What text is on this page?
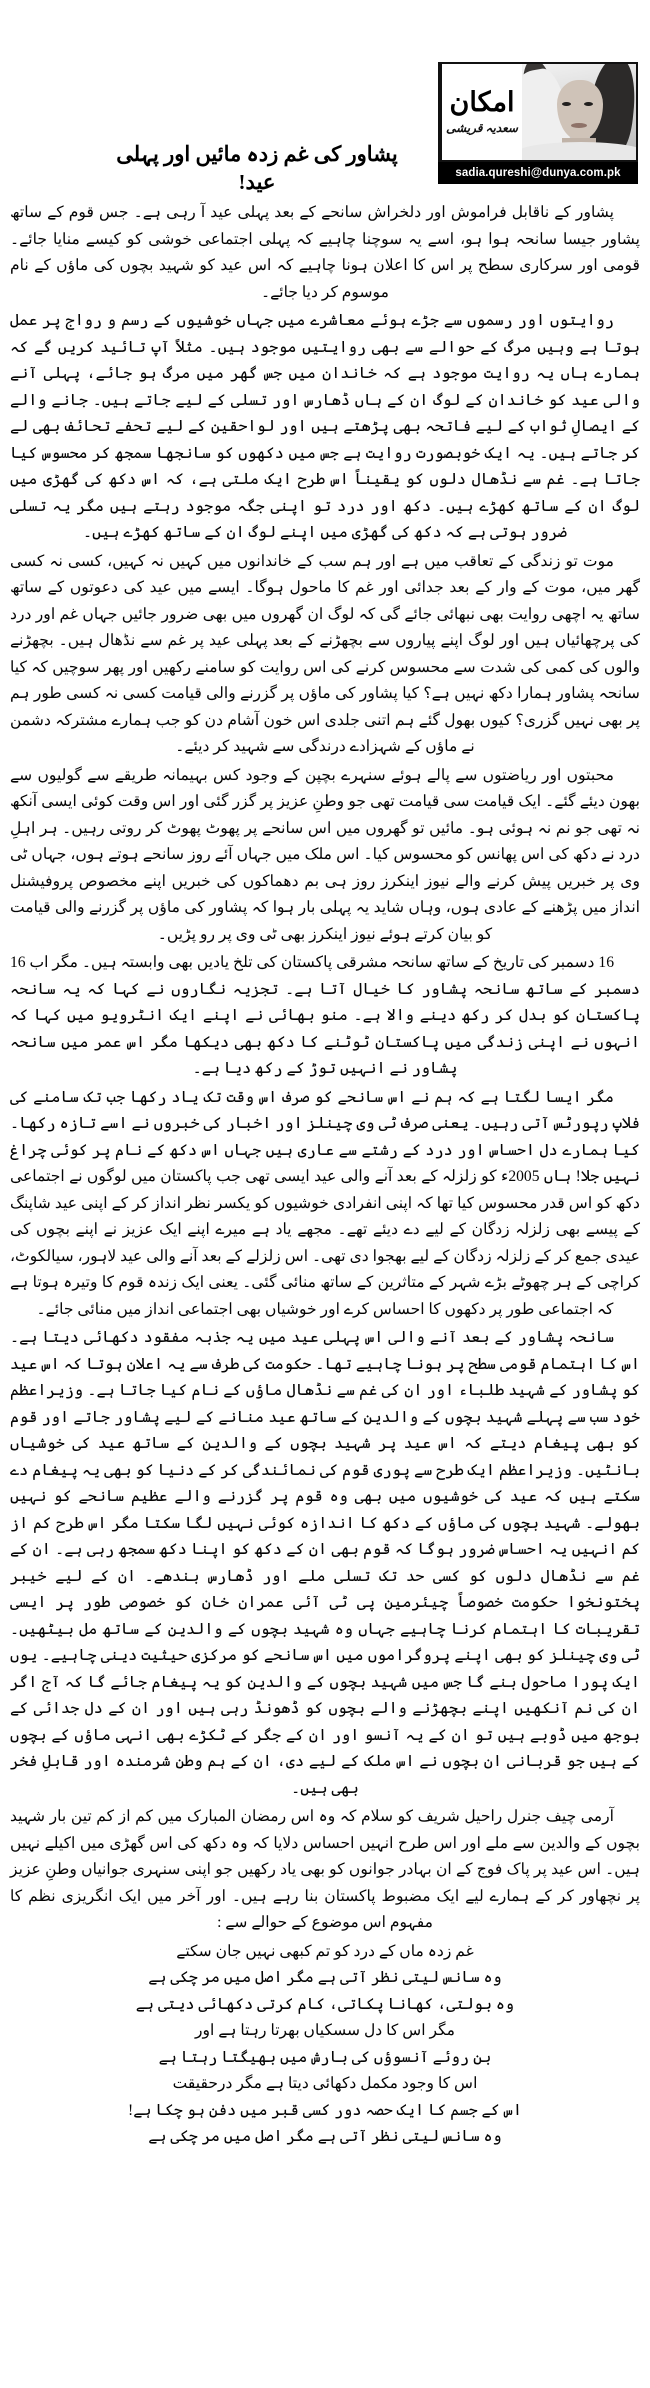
امکان
سعدیہ قریشی
sadia.qureshi@dunya.com.pk
پشاور کی غم زدہ مائیں اور پہلی عید!

پشاور کے ناقابل فراموش اور دلخراش سانحے کے بعد پہلی عید آ رہی ہے۔ جس قوم کے ساتھ پشاور جیسا سانحہ ہوا ہو، اسے یہ سوچنا چاہیے کہ پہلی اجتماعی خوشی کو کیسے منایا جائے۔ قومی اور سرکاری سطح پر اس کا اعلان ہونا چاہیے کہ اس عید کو شہید بچوں کی ماؤں کے نام موسوم کر دیا جائے۔

روایتوں اور رسموں سے جڑے ہوئے معاشرے میں جہاں خوشیوں کے رسم و رواج پر عمل ہوتا ہے وہیں مرگ کے حوالے سے بھی روایتیں موجود ہیں۔ مثلاً آپ تائید کریں گے کہ ہمارے ہاں یہ روایت موجود ہے کہ خاندان میں جس گھر میں مرگ ہو جائے، پہلی آنے والی عید کو خاندان کے لوگ ان کے ہاں ڈھارس اور تسلی کے لیے جاتے ہیں۔ جانے والے کے ایصالِ ثواب کے لیے فاتحہ بھی پڑھتے ہیں اور لواحقین کے لیے تحفے تحائف بھی لے کر جاتے ہیں۔ یہ ایک خوبصورت روایت ہے جس میں دکھوں کو سانجھا سمجھ کر محسوس کیا جاتا ہے۔ غم سے نڈھال دلوں کو یقیناً اس طرح ایک ملتی ہے، کہ اس دکھ کی گھڑی میں لوگ ان کے ساتھ کھڑے ہیں۔ دکھ اور درد تو اپنی جگہ موجود رہتے ہیں مگر یہ تسلی ضرور ہوتی ہے کہ دکھ کی گھڑی میں اپنے لوگ ان کے ساتھ کھڑے ہیں۔

موت تو زندگی کے تعاقب میں ہے اور ہم سب کے خاندانوں میں کہیں نہ کہیں، کسی نہ کسی گھر میں، موت کے وار کے بعد جدائی اور غم کا ماحول ہوگا۔ ایسے میں عید کی دعوتوں کے ساتھ ساتھ یہ اچھی روایت بھی نبھائی جائے گی کہ لوگ ان گھروں میں بھی ضرور جائیں جہاں غم اور درد کی پرچھائیاں ہیں اور لوگ اپنے پیاروں سے بچھڑنے کے بعد پہلی عید پر غم سے نڈھال ہیں۔ بچھڑنے والوں کی کمی کی شدت سے محسوس کرنے کی اس روایت کو سامنے رکھیں اور پھر سوچیں کہ کیا سانحہ پشاور ہمارا دکھ نہیں ہے؟ کیا پشاور کی ماؤں پر گزرنے والی قیامت کسی نہ کسی طور ہم پر بھی نہیں گزری؟ کیوں بھول گئے ہم اتنی جلدی اس خون آشام دن کو جب ہمارے مشترکہ دشمن نے ماؤں کے شہزادے درندگی سے شہید کر دیئے۔

محبتوں اور ریاضتوں سے پالے ہوئے سنہرے بچپن کے وجود کس بہیمانہ طریقے سے گولیوں سے بھون دیئے گئے۔ ایک قیامت سی قیامت تھی جو وطنِ عزیز پر گزر گئی اور اس وقت کوئی ایسی آنکھ نہ تھی جو نم نہ ہوئی ہو۔ مائیں تو گھروں میں اس سانحے پر پھوٹ پھوٹ کر روتی رہیں۔ ہر اہلِ درد نے دکھ کی اس پھانس کو محسوس کیا۔ اس ملک میں جہاں آئے روز سانحے ہوتے ہوں، جہاں ٹی وی پر خبریں پیش کرنے والے نیوز اینکرز روز ہی بم دھماکوں کی خبریں اپنے مخصوص پروفیشنل انداز میں پڑھنے کے عادی ہوں، وہاں شاید یہ پہلی بار ہوا کہ پشاور کی ماؤں پر گزرنے والی قیامت کو بیان کرتے ہوئے نیوز اینکرز بھی ٹی وی پر رو پڑیں۔

16 دسمبر کی تاریخ کے ساتھ سانحہ مشرقی پاکستان کی تلخ یادیں بھی وابستہ ہیں۔ مگر اب 16 دسمبر کے ساتھ سانحہ پشاور کا خیال آتا ہے۔ تجزیہ نگاروں نے کہا کہ یہ سانحہ پاکستان کو بدل کر رکھ دینے والا ہے۔ منو بھائی نے اپنے ایک انٹرویو میں کہا کہ انہوں نے اپنی زندگی میں پاکستان ٹوٹنے کا دکھ بھی دیکھا مگر اس عمر میں سانحہ پشاور نے انہیں توڑ کے رکھ دیا ہے۔

مگر ایسا لگتا ہے کہ ہم نے اس سانحے کو صرف اس وقت تک یاد رکھا جب تک سامنے کی فلاپ رپورٹس آتی رہیں۔ یعنی صرف ٹی وی چینلز اور اخبار کی خبروں نے اسے تازہ رکھا۔ کیا ہمارے دل احساس اور درد کے رشتے سے عاری ہیں جہاں اس دکھ کے نام پر کوئی چراغ نہیں جلا! ہاں 2005ء کو زلزلہ کے بعد آنے والی عید ایسی تھی جب پاکستان میں لوگوں نے اجتماعی دکھ کو اس قدر محسوس کیا تھا کہ اپنی انفرادی خوشیوں کو یکسر نظر انداز کر کے اپنی عید شاپنگ کے پیسے بھی زلزلہ زدگان کے لیے دے دیئے تھے۔ مجھے یاد ہے میرے اپنے ایک عزیز نے اپنے بچوں کی عیدی جمع کر کے زلزلہ زدگان کے لیے بھجوا دی تھی۔ اس زلزلے کے بعد آنے والی عید لاہور، سیالکوٹ، کراچی کے ہر چھوٹے بڑے شہر کے متاثرین کے ساتھ منائی گئی۔ یعنی ایک زندہ قوم کا وتیرہ ہوتا ہے کہ اجتماعی طور پر دکھوں کا احساس کرے اور خوشیاں بھی اجتماعی انداز میں منائی جائے۔

سانحہ پشاور کے بعد آنے والی اس پہلی عید میں یہ جذبہ مفقود دکھائی دیتا ہے۔ اس کا اہتمام قومی سطح پر ہونا چاہیے تھا۔ حکومت کی طرف سے یہ اعلان ہوتا کہ اس عید کو پشاور کے شہید طلباء اور ان کی غم سے نڈھال ماؤں کے نام کیا جاتا ہے۔ وزیراعظم خود سب سے پہلے شہید بچوں کے والدین کے ساتھ عید منانے کے لیے پشاور جاتے اور قوم کو بھی پیغام دیتے کہ اس عید پر شہید بچوں کے والدین کے ساتھ عید کی خوشیاں بانٹیں۔ وزیراعظم ایک طرح سے پوری قوم کی نمائندگی کر کے دنیا کو بھی یہ پیغام دے سکتے ہیں کہ عید کی خوشیوں میں بھی وہ قوم پر گزرنے والے عظیم سانحے کو نہیں بھولے۔ شہید بچوں کی ماؤں کے دکھ کا اندازہ کوئی نہیں لگا سکتا مگر اس طرح کم از کم انہیں یہ احساس ضرور ہوگا کہ قوم بھی ان کے دکھ کو اپنا دکھ سمجھ رہی ہے۔ ان کے غم سے نڈھال دلوں کو کسی حد تک تسلی ملے اور ڈھارس بندھے۔ ان کے لیے خیبر پختونخوا حکومت خصوصاً چیئرمین پی ٹی آئی عمران خان کو خصوصی طور پر ایسی تقریبات کا اہتمام کرنا چاہیے جہاں وہ شہید بچوں کے والدین کے ساتھ مل بیٹھیں۔ ٹی وی چینلز کو بھی اپنے پروگراموں میں اس سانحے کو مرکزی حیثیت دینی چاہیے۔ یوں ایک پورا ماحول بنے گا جس میں شہید بچوں کے والدین کو یہ پیغام جائے گا کہ آج اگر ان کی نم آنکھیں اپنے بچھڑنے والے بچوں کو ڈھونڈ رہی ہیں اور ان کے دل جدائی کے بوجھ میں ڈوبے ہیں تو ان کے یہ آنسو اور ان کے جگر کے ٹکڑے بھی انہی ماؤں کے بچوں کے ہیں جو قربانی ان بچوں نے اس ملک کے لیے دی، ان کے ہم وطن شرمندہ اور قابلِ فخر بھی ہیں۔

آرمی چیف جنرل راحیل شریف کو سلام کہ وہ اس رمضان المبارک میں کم از کم تین بار شہید بچوں کے والدین سے ملے اور اس طرح انہیں احساس دلایا کہ وہ دکھ کی اس گھڑی میں اکیلے نہیں ہیں۔ اس عید پر پاک فوج کے ان بہادر جوانوں کو بھی یاد رکھیں جو اپنی سنہری جوانیاں وطنِ عزیز پر نچھاور کر کے ہمارے لیے ایک مضبوط پاکستان بنا رہے ہیں۔ اور آخر میں ایک انگریزی نظم کا مفہوم اس موضوع کے حوالے سے :

غم زدہ ماں کے درد کو تم کبھی نہیں جان سکتے
وہ سانس لیتی نظر آتی ہے مگر اصل میں مر چکی ہے
وہ بولتی، کھانا پکاتی، کام کرتی دکھائی دیتی ہے
مگر اس کا دل سسکیاں بھرتا رہتا ہے اور
بن روئے آنسوؤں کی بارش میں بھیگتا رہتا ہے
اس کا وجود مکمل دکھائی دیتا ہے مگر درحقیقت
اس کے جسم کا ایک حصہ دور کسی قبر میں دفن ہو چکا ہے!
وہ سانس لیتی نظر آتی ہے مگر اصل میں مر چکی ہے
